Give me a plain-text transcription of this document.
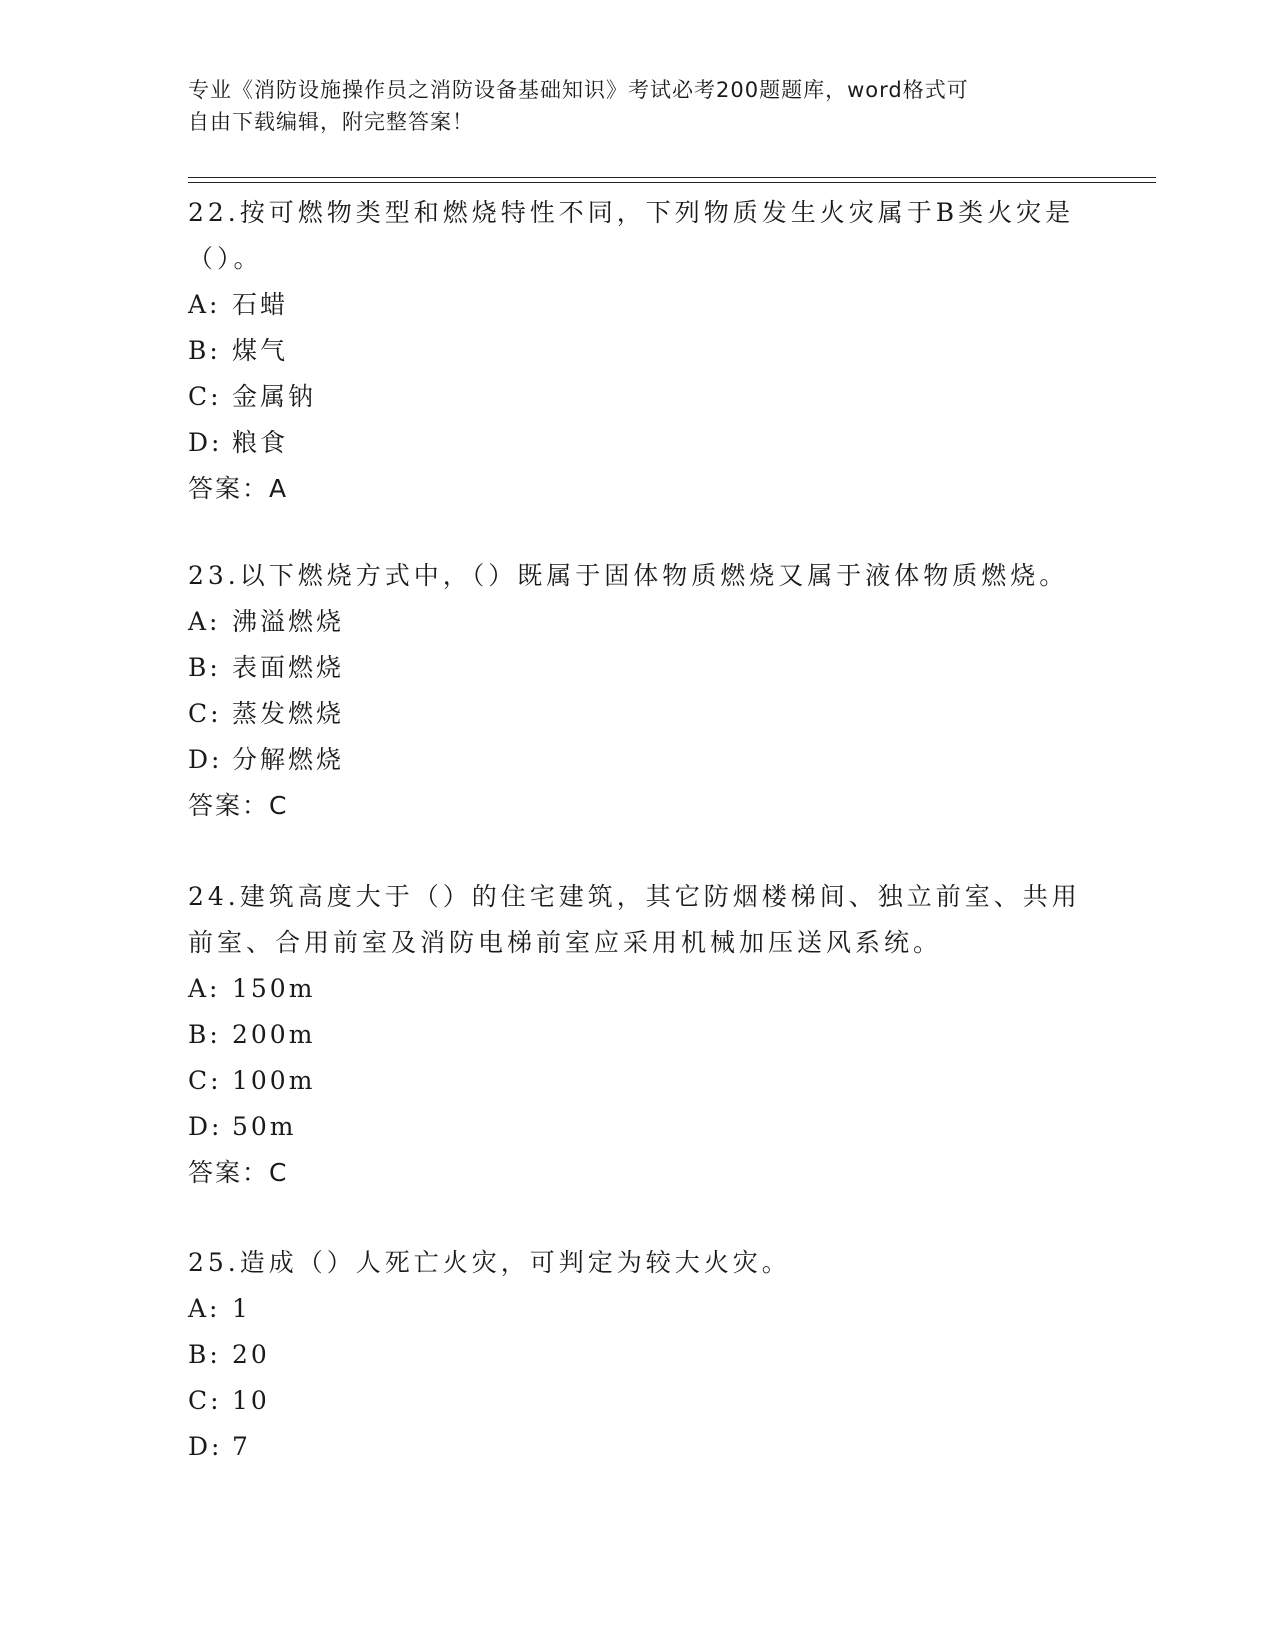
专业《消防设施操作员之消防设备基础知识》考试必考200题题库，word格式可
自由下载编辑，附完整答案！

22.按可燃物类型和燃烧特性不同，下列物质发生火灾属于B类火灾是
（）。

A: 石蜡

B: 煤气

C: 金属钠

D: 粮食

答案：A

23.以下燃烧方式中，（）既属于固体物质燃烧又属于液体物质燃烧。

A: 沸溢燃烧

B: 表面燃烧

C: 蒸发燃烧

D: 分解燃烧

答案：C

24.建筑高度大于（）的住宅建筑，其它防烟楼梯间、独立前室、共用
前室、合用前室及消防电梯前室应采用机械加压送风系统。

A: 150m

B: 200m

C: 100m

D: 50m

答案：C

25.造成（）人死亡火灾，可判定为较大火灾。

A: 1

B: 20

C: 10

D: 7
